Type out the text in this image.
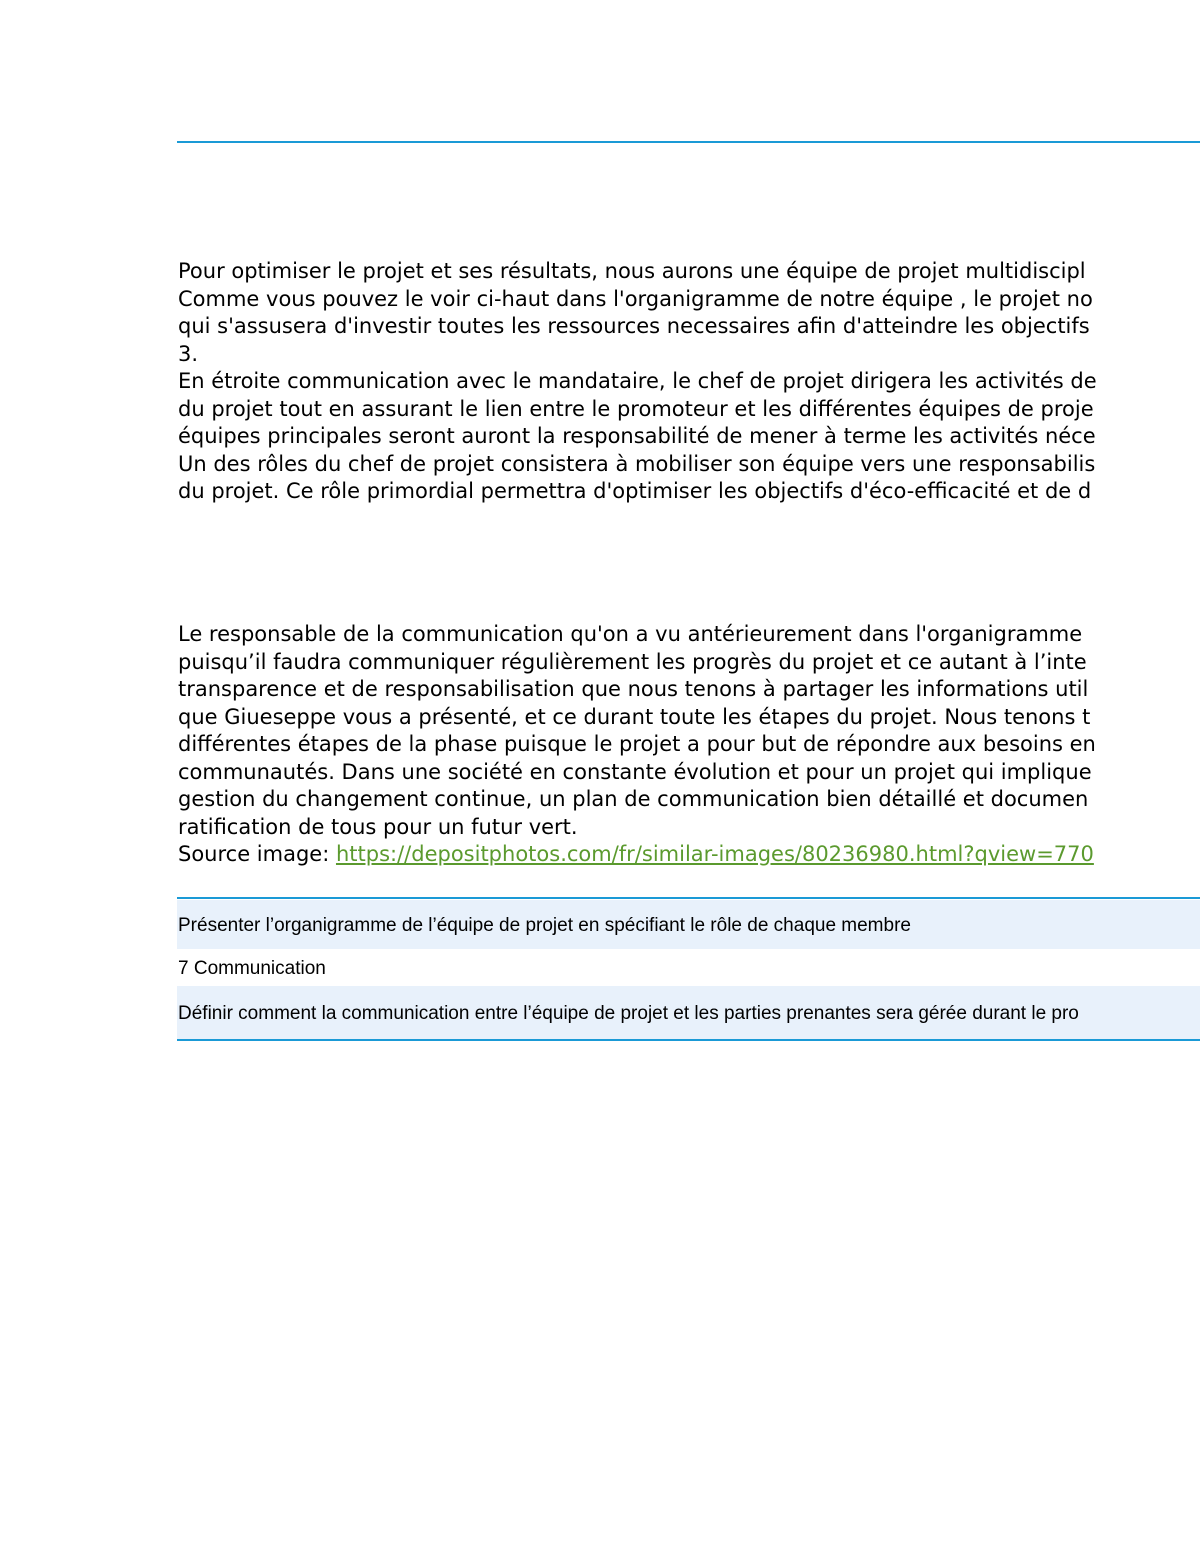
Pour optimiser le projet et ses résultats, nous aurons une équipe de projet multidiscipl
Comme vous pouvez le voir ci-haut dans l'organigramme de notre équipe , le projet no
qui s'assusera d'investir toutes les ressources necessaires afin d'atteindre les objectifs
3.
En étroite communication avec le mandataire, le chef de projet dirigera les activités de
du projet tout en assurant le lien entre le promoteur et les différentes équipes de proje
équipes principales seront auront la responsabilité de mener à terme les activités néce
Un des rôles du chef de projet consistera à mobiliser son équipe vers une responsabilis
du projet. Ce rôle primordial permettra d'optimiser les objectifs d'éco-efficacité et de d
Le responsable de la communication qu'on a vu antérieurement dans l'organigramme
puisqu’il faudra communiquer régulièrement les progrès du projet et ce autant à l’inte
transparence et de responsabilisation que nous tenons à partager les informations util
que Giueseppe vous a présenté, et ce durant toute les étapes du projet. Nous tenons t
différentes étapes de la phase puisque le projet a pour but de répondre aux besoins en
communautés. Dans une société en constante évolution et pour un projet qui implique
gestion du changement continue, un plan de communication bien détaillé et documen
ratification de tous pour un futur vert.
Source image: https://depositphotos.com/fr/similar-images/80236980.html?qview=770
Présenter l’organigramme de l’équipe de projet en spécifiant le rôle de chaque membre
7 Communication
Définir comment la communication entre l’équipe de projet et les parties prenantes sera gérée durant le pro
